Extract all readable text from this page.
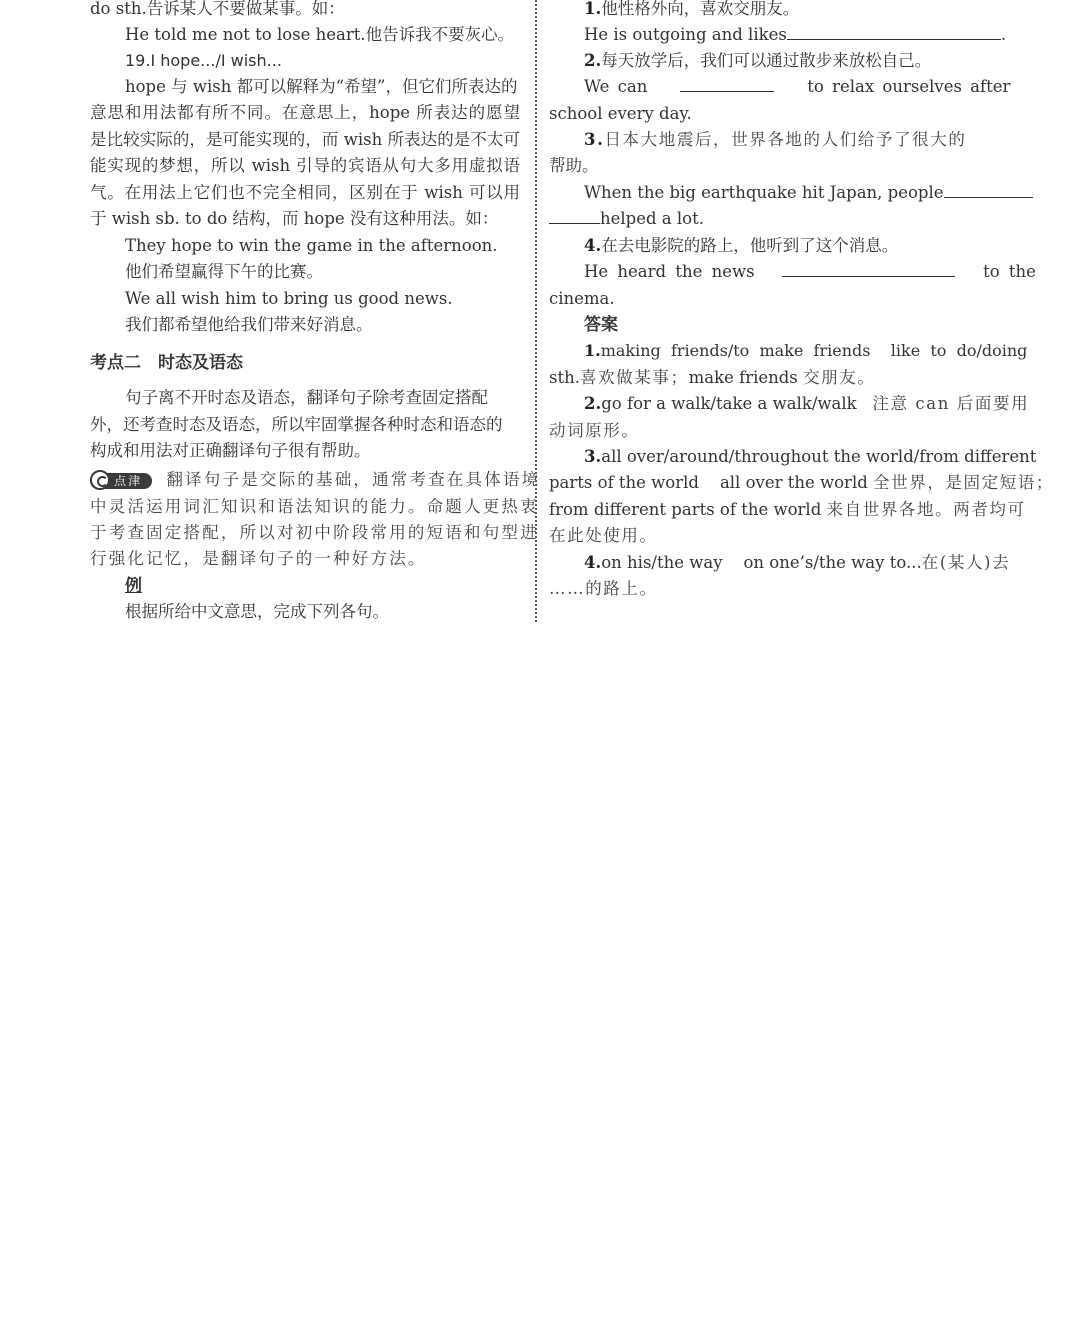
do sth.告诉某人不要做某事。如：
He told me not to lose heart.他告诉我不要灰心。
19.I hope.../I wish...
hope 与 wish 都可以解释为“希望”，但它们所表达的
意思和用法都有所不同。在意思上，hope 所表达的愿望
是比较实际的，是可能实现的，而 wish 所表达的是不太可
能实现的梦想，所以 wish 引导的宾语从句大多用虚拟语
气。在用法上它们也不完全相同，区别在于 wish 可以用
于 wish sb. to do 结构，而 hope 没有这种用法。如：
They hope to win the game in the afternoon.
他们希望赢得下午的比赛。
We all wish him to bring us good news.
我们都希望他给我们带来好消息。
考点二　时态及语态
句子离不开时态及语态，翻译句子除考查固定搭配
外，还考查时态及语态，所以牢固掌握各种时态和语态的
构成和用法对正确翻译句子很有帮助。
点津 翻译句子是交际的基础，通常考查在具体语境
中灵活运用词汇知识和语法知识的能力。命题人更热衷
于考查固定搭配，所以对初中阶段常用的短语和句型进
行强化记忆，是翻译句子的一种好方法。
例
根据所给中文意思，完成下列各句。
1.他性格外向，喜欢交朋友。
He is outgoing and likes	.
2.每天放学后，我们可以通过散步来放松自己。
We can	to relax ourselves after
school every day.
3.日本大地震后，世界各地的人们给予了很大的
帮助。
When the big earthquake hit Japan, people
helped a lot.
4.在去电影院的路上，他听到了这个消息。
He heard the news	to the
cinema.
答案
1.making  friends/to  make  friends    like  to  do/doing
sth.喜欢做某事；make friends 交朋友。
2.go for a walk/take a walk/walk 注意 can 后面要用
动词原形。
3.all over/around/throughout the world/from different
parts of the world    all over the world 全世界，是固定短语；
from different parts of the world 来自世界各地。两者均可
在此处使用。
4.on his/the way    on one’s/the way to...在(某人)去
……的路上。
